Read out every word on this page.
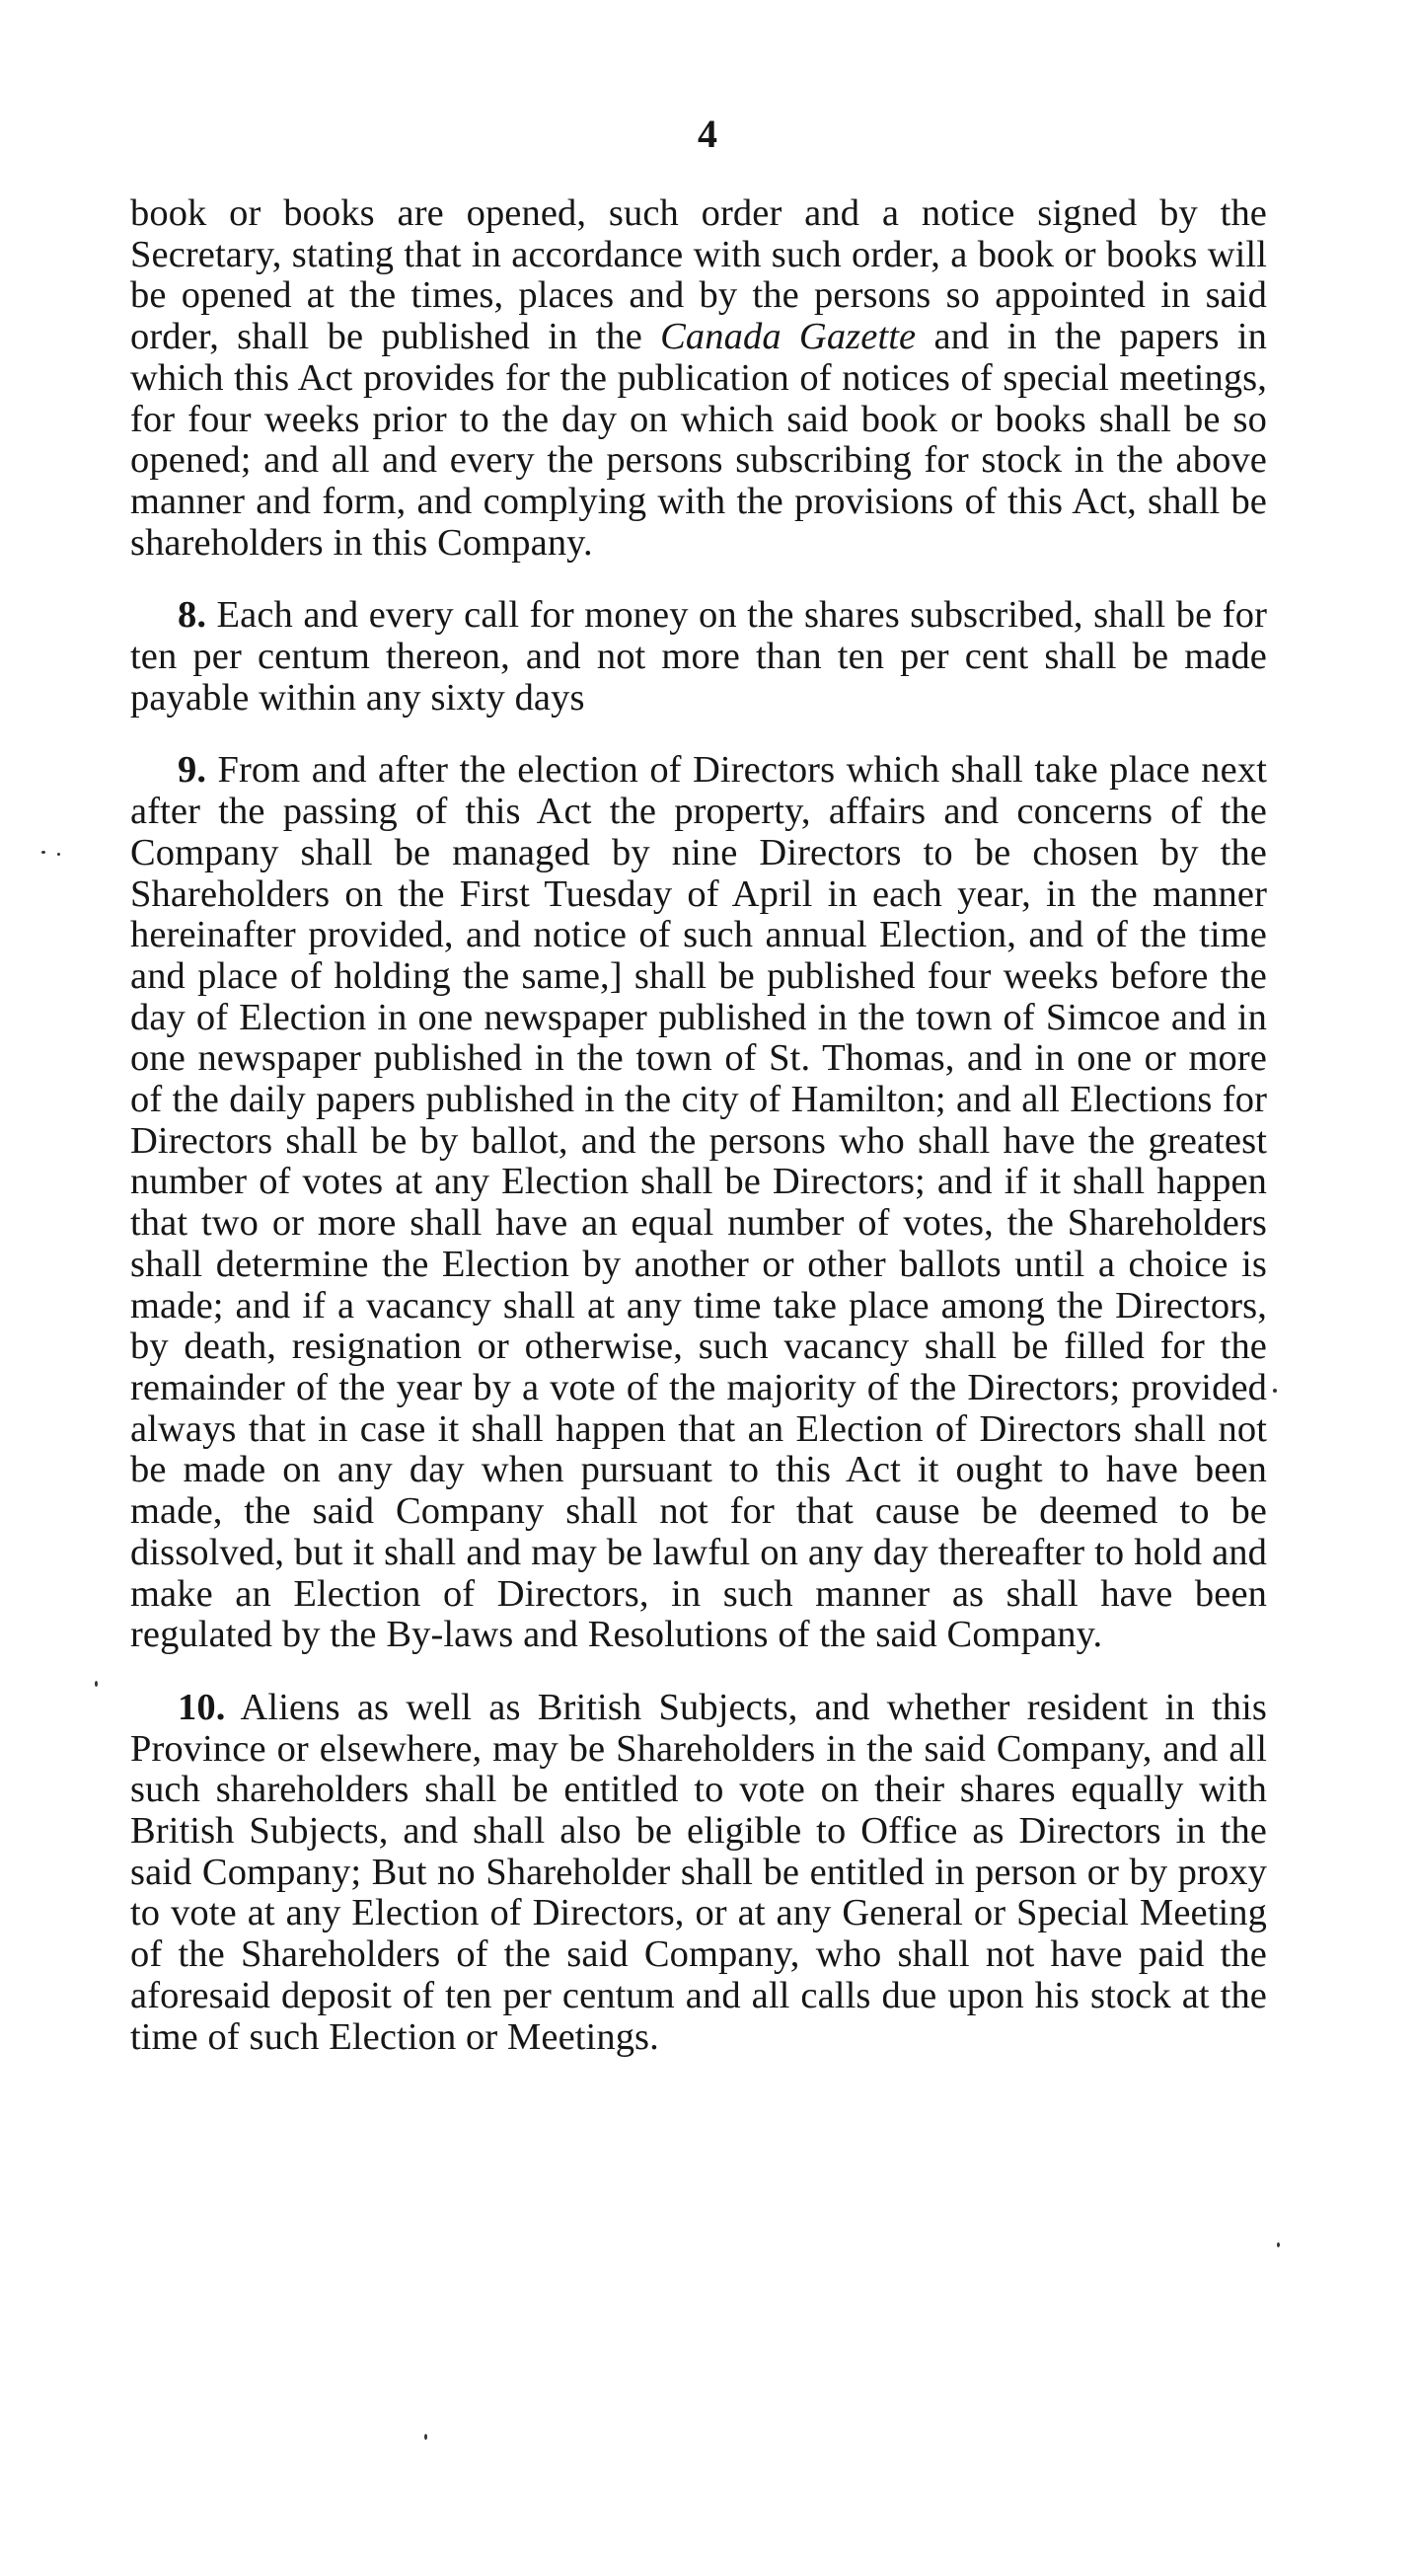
4

book or books are opened, such order and a notice signed by the Secretary, stating that in accordance with such order, a book or books will be opened at the times, places and by the persons so appointed in said order, shall be published in the Canada Gazette and in the papers in which this Act provides for the publication of notices of special meetings, for four weeks prior to the day on which said book or books shall be so opened; and all and every the persons subscribing for stock in the above manner and form, and complying with the provisions of this Act, shall be shareholders in this Company.

8. Each and every call for money on the shares subscribed, shall be for ten per centum thereon, and not more than ten per cent shall be made payable within any sixty days

9. From and after the election of Directors which shall take place next after the passing of this Act the property, affairs and concerns of the Company shall be managed by nine Directors to be chosen by the Shareholders on the First Tuesday of April in each year, in the manner hereinafter provided, and notice of such annual Election, and of the time and place of holding the same,] shall be published four weeks before the day of Election in one newspaper published in the town of Simcoe and in one newspaper published in the town of St. Thomas, and in one or more of the daily papers published in the city of Hamilton; and all Elections for Directors shall be by ballot, and the persons who shall have the greatest number of votes at any Election shall be Directors; and if it shall happen that two or more shall have an equal number of votes, the Shareholders shall determine the Election by another or other ballots until a choice is made; and if a vacancy shall at any time take place among the Directors, by death, resignation or otherwise, such vacancy shall be filled for the remainder of the year by a vote of the majority of the Directors; provided always that in case it shall happen that an Election of Directors shall not be made on any day when pursuant to this Act it ought to have been made, the said Company shall not for that cause be deemed to be dissolved, but it shall and may be lawful on any day thereafter to hold and make an Election of Directors, in such manner as shall have been regulated by the By-laws and Resolutions of the said Company.

10. Aliens as well as British Subjects, and whether resident in this Province or elsewhere, may be Shareholders in the said Company, and all such shareholders shall be entitled to vote on their shares equally with British Subjects, and shall also be eligible to Office as Directors in the said Company; But no Shareholder shall be entitled in person or by proxy to vote at any Election of Directors, or at any General or Special Meeting of the Shareholders of the said Company, who shall not have paid the aforesaid deposit of ten per centum and all calls due upon his stock at the time of such Election or Meetings.
